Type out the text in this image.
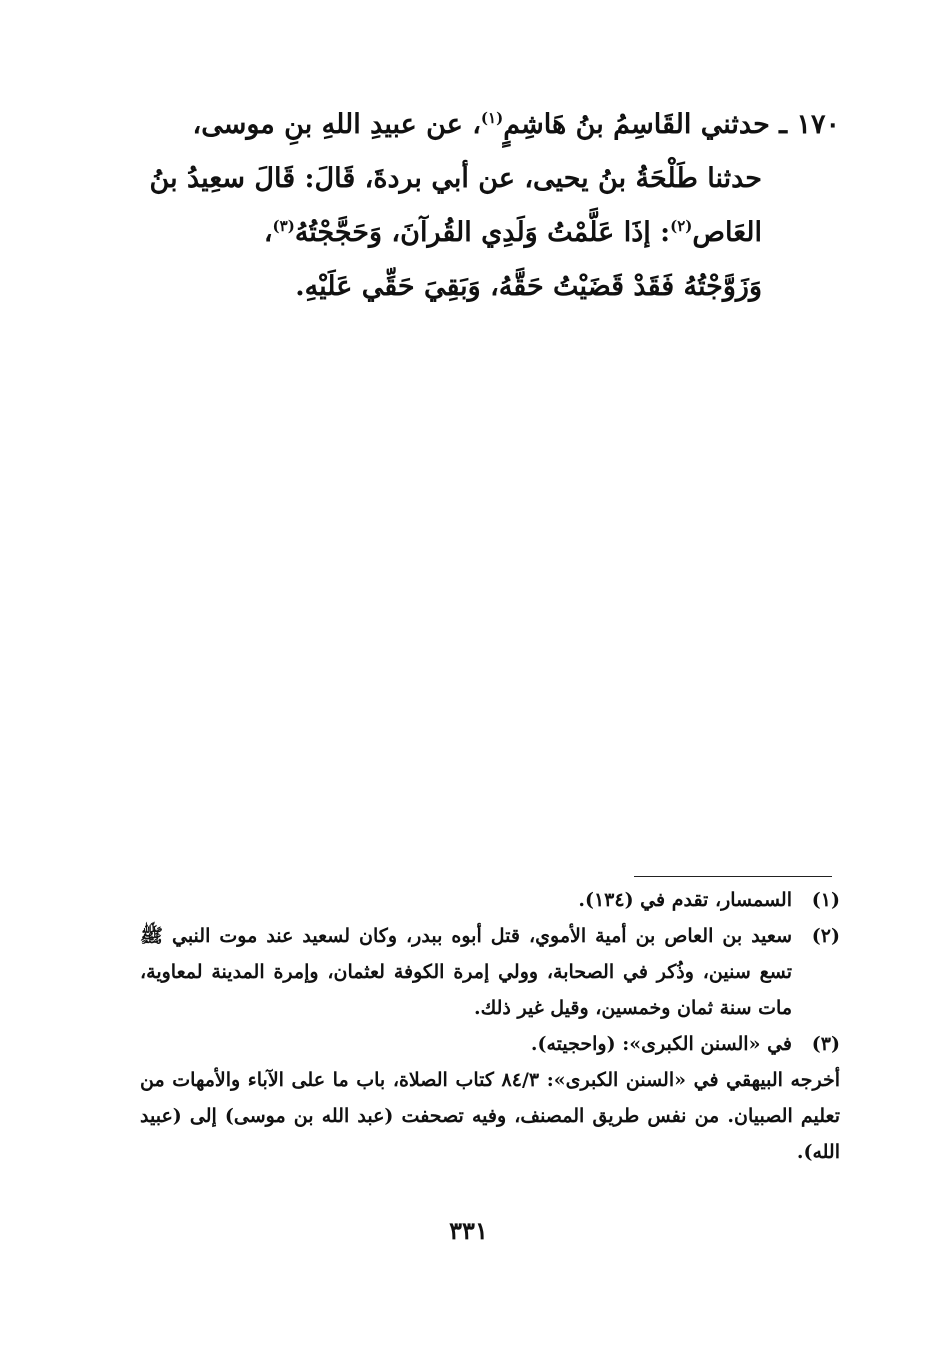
١٧٠ ـ حدثني القَاسِمُ بنُ هَاشِمٍ$^{(١)}$، عن عبيدِ اللهِ بنِ موسى،
حدثنا طَلْحَةُ بنُ يحيى، عن أبي بردةَ، قَالَ: قَالَ سعِيدُ بنُ
العَاص$^{(٢)}$: إذَا عَلَّمْتُ وَلَدِي القُرآنَ، وَحَجَّجْتُهُ$^{(٣)}$،
وَزَوَّجْتُهُ فَقَدْ قَضَيْتُ حَقَّهُ، وَبَقِيَ حَقِّي عَلَيْهِ.
(١)
السمسار، تقدم في (١٣٤).
(٢)
سعيد بن العاص بن أمية الأموي، قتل أبوه ببدر، وكان لسعيد عند موت النبي ﷺ تسع سنين، وذُكر في الصحابة، وولي إمرة الكوفة لعثمان، وإمرة المدينة لمعاوية، مات سنة ثمان وخمسين، وقيل غير ذلك.
(٣)
في «السنن الكبرى»: (واحجيته).
أخرجه البيهقي في «السنن الكبرى»: ٨٤/٣ كتاب الصلاة، باب ما على الآباء والأمهات من تعليم الصبيان. من نفس طريق المصنف، وفيه تصحفت (عبد الله بن موسى) إلى (عبيد الله).
٣٣١
